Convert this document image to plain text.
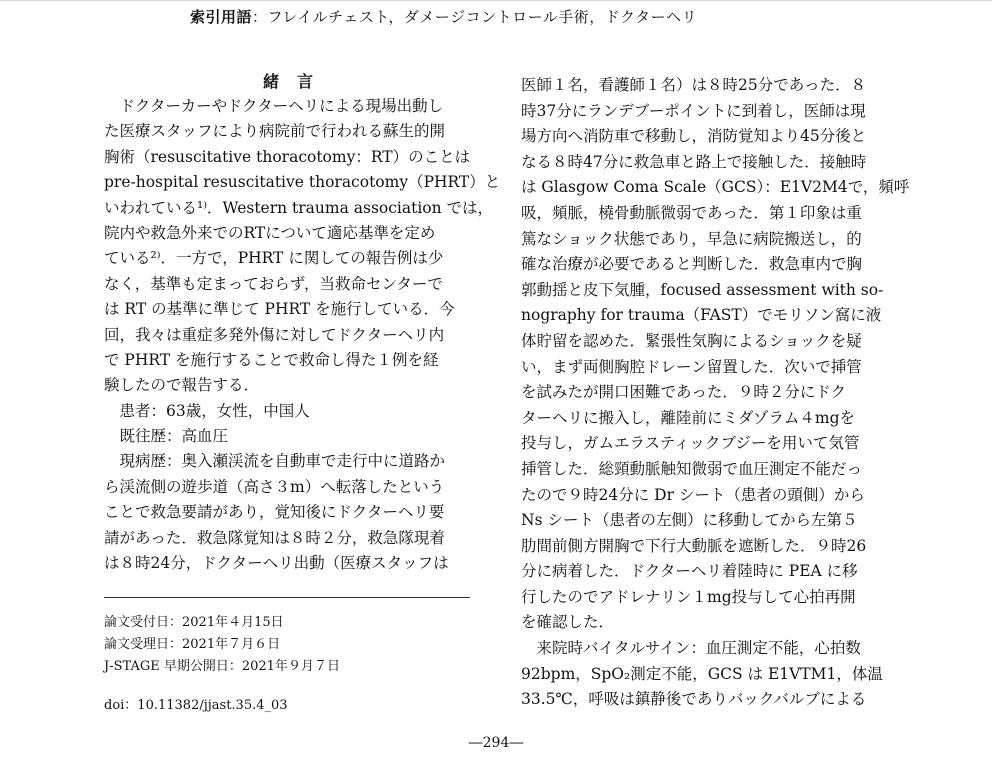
索引用語：フレイルチェスト，ダメージコントロール手術，ドクターヘリ
緒言
　ドクターカーやドクターヘリによる現場出動し
た医療スタッフにより病院前で行われる蘇生的開
胸術（resuscitative thoracotomy：RT）のことは
pre-hospital resuscitative thoracotomy（PHRT）と
いわれている¹⁾．Western trauma association では，
院内や救急外来でのRTについて適応基準を定め
ている²⁾．一方で，PHRT に関しての報告例は少
なく，基準も定まっておらず，当救命センターで
は RT の基準に準じて PHRT を施行している．今
回，我々は重症多発外傷に対してドクターヘリ内
で PHRT を施行することで救命し得た１例を経
験したので報告する．
　患者：63歳，女性，中国人
　既往歴：高血圧
　現病歴：奥入瀬渓流を自動車で走行中に道路か
ら渓流側の遊歩道（高さ３m）へ転落したという
ことで救急要請があり，覚知後にドクターヘリ要
請があった．救急隊覚知は８時２分，救急隊現着
は８時24分，ドクターヘリ出動（医療スタッフは
論文受付日：2021年４月15日
論文受理日：2021年７月６日
J-STAGE 早期公開日：2021年９月７日
doi：10.11382/jjast.35.4_03
医師１名，看護師１名）は８時25分であった．８
時37分にランデブーポイントに到着し，医師は現
場方向へ消防車で移動し，消防覚知より45分後と
なる８時47分に救急車と路上で接触した．接触時
は Glasgow Coma Scale（GCS）：E1V2M4で，頻呼
吸，頻脈，橈骨動脈微弱であった．第１印象は重
篤なショック状態であり，早急に病院搬送し，的
確な治療が必要であると判断した．救急車内で胸
郭動揺と皮下気腫，focused assessment with so-
nography for trauma（FAST）でモリソン窩に液
体貯留を認めた．緊張性気胸によるショックを疑
い，まず両側胸腔ドレーン留置した．次いで挿管
を試みたが開口困難であった．９時２分にドク
ターヘリに搬入し，離陸前にミダゾラム４mgを
投与し，ガムエラスティックブジーを用いて気管
挿管した．総頸動脈触知微弱で血圧測定不能だっ
たので９時24分に Dr シート（患者の頭側）から
Ns シート（患者の左側）に移動してから左第５
肋間前側方開胸で下行大動脈を遮断した．９時26
分に病着した．ドクターヘリ着陸時に PEA に移
行したのでアドレナリン１mg投与して心拍再開
を確認した．
　来院時バイタルサイン：血圧測定不能，心拍数
92bpm，SpO₂測定不能，GCS は E1VTM1，体温
33.5℃，呼吸は鎮静後でありバックバルブによる
―294―
